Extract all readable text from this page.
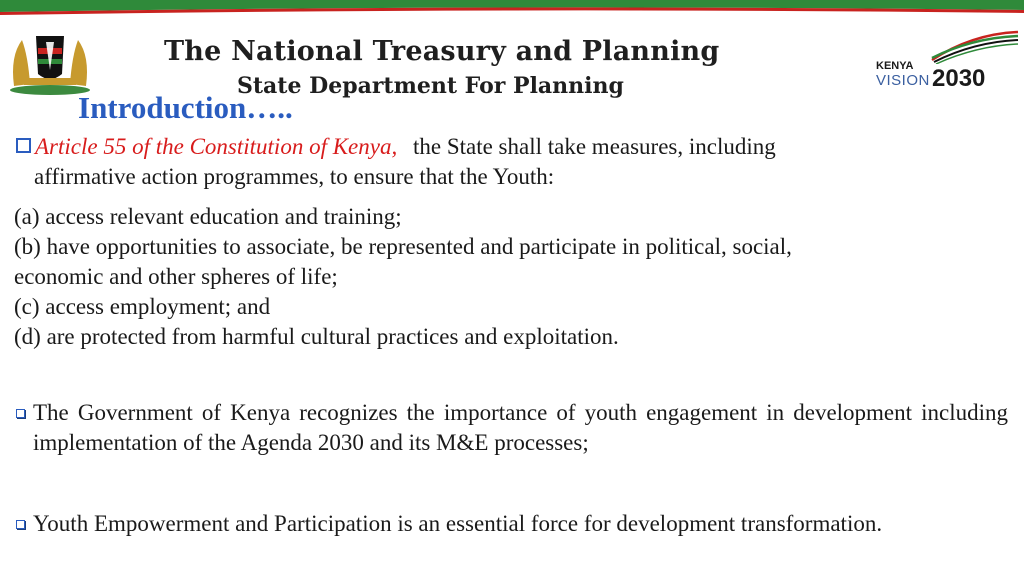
The National Treasury and Planning
State Department For Planning
KENYA
VISION 2030
Introduction…..
Article 55 of the Constitution of Kenya, the State shall take measures, including
affirmative action programmes, to ensure that the Youth:
(a) access relevant education and training;
(b) have opportunities to associate, be represented and participate in political, social,
economic and other spheres of life;
(c) access employment; and
(d) are protected from harmful cultural practices and exploitation.
The Government of Kenya recognizes the importance of youth engagement in development including implementation of the Agenda 2030 and its M&E processes;
Youth Empowerment and Participation is an essential force for development transformation.
